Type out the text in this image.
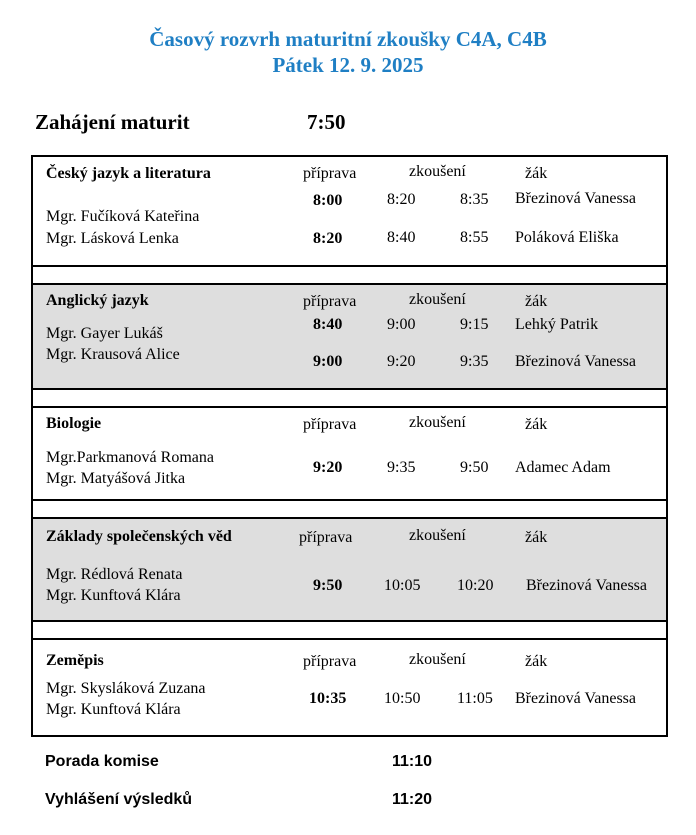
Časový rozvrh maturitní zkoušky C4A, C4B
Pátek 12. 9. 2025
Zahájení maturit	7:50
Český jazyk a literatura	příprava	zkoušení	žák
Mgr. Fučíková Kateřina
Mgr. Lásková Lenka
8:00	8:20	8:35 Březinová Vanessa
8:20	8:40	8:55 Poláková Eliška
Anglický jazyk	příprava	zkoušení	žák
Mgr. Gayer Lukáš
Mgr. Krausová Alice
8:40	9:00	9:15 Lehký Patrik
9:00	9:20	9:35 Březinová Vanessa
Biologie	příprava	zkoušení	žák
Mgr.Parkmanová Romana
Mgr. Matyášová Jitka
9:20	9:35	9:50 Adamec Adam
Základy společenských věd	příprava	zkoušení	žák
Mgr. Rédlová Renata
Mgr. Kunftová Klára
9:50	10:05 10:20 Březinová Vanessa
Zeměpis	příprava	zkoušení	žák
Mgr. Skysláková Zuzana
Mgr. Kunftová Klára
10:35 10:50 11:05 Březinová Vanessa
Porada komise	11:10
Vyhlášení výsledků	11:20
